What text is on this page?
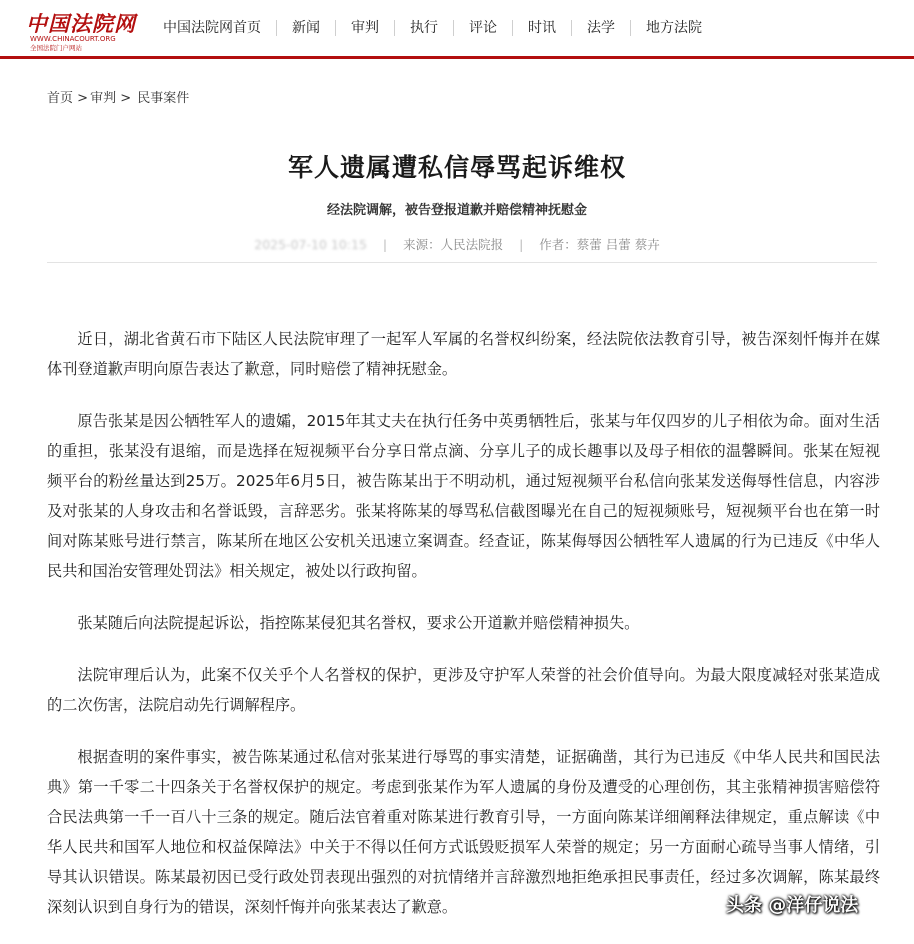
中国法院网
WWW.CHINACOURT.ORG
全国法院门户网站
中国法院网首页	新闻	审判	执行	评论	时讯	法学	地方法院
首页 > 审判 > 民事案件
军人遗属遭私信辱骂起诉维权
经法院调解，被告登报道歉并赔偿精神抚慰金
2025-07-10 10:15 | 来源：人民法院报 | 作者：蔡蕾 吕蕾 蔡卉

近日，湖北省黄石市下陆区人民法院审理了一起军人军属的名誉权纠纷案，经法院依法教育引导，被告深刻忏悔并在媒体刊登道歉声明向原告表达了歉意，同时赔偿了精神抚慰金。

原告张某是因公牺牲军人的遗孀，2015年其丈夫在执行任务中英勇牺牲后，张某与年仅四岁的儿子相依为命。面对生活的重担，张某没有退缩，而是选择在短视频平台分享日常点滴、分享儿子的成长趣事以及母子相依的温馨瞬间。张某在短视频平台的粉丝量达到25万。2025年6月5日，被告陈某出于不明动机，通过短视频平台私信向张某发送侮辱性信息，内容涉及对张某的人身攻击和名誉诋毁，言辞恶劣。张某将陈某的辱骂私信截图曝光在自己的短视频账号，短视频平台也在第一时间对陈某账号进行禁言，陈某所在地区公安机关迅速立案调查。经查证，陈某侮辱因公牺牲军人遗属的行为已违反《中华人民共和国治安管理处罚法》相关规定，被处以行政拘留。

张某随后向法院提起诉讼，指控陈某侵犯其名誉权，要求公开道歉并赔偿精神损失。

法院审理后认为，此案不仅关乎个人名誉权的保护，更涉及守护军人荣誉的社会价值导向。为最大限度减轻对张某造成的二次伤害，法院启动先行调解程序。

根据查明的案件事实，被告陈某通过私信对张某进行辱骂的事实清楚，证据确凿，其行为已违反《中华人民共和国民法典》第一千零二十四条关于名誉权保护的规定。考虑到张某作为军人遗属的身份及遭受的心理创伤，其主张精神损害赔偿符合民法典第一千一百八十三条的规定。随后法官着重对陈某进行教育引导，一方面向陈某详细阐释法律规定，重点解读《中华人民共和国军人地位和权益保障法》中关于不得以任何方式诋毁贬损军人荣誉的规定；另一方面耐心疏导当事人情绪，引导其认识错误。陈某最初因已受行政处罚表现出强烈的对抗情绪并言辞激烈地拒绝承担民事责任，经过多次调解，陈某最终深刻认识到自身行为的错误，深刻忏悔并向张某表达了歉意。	头条 @洋仔说法
